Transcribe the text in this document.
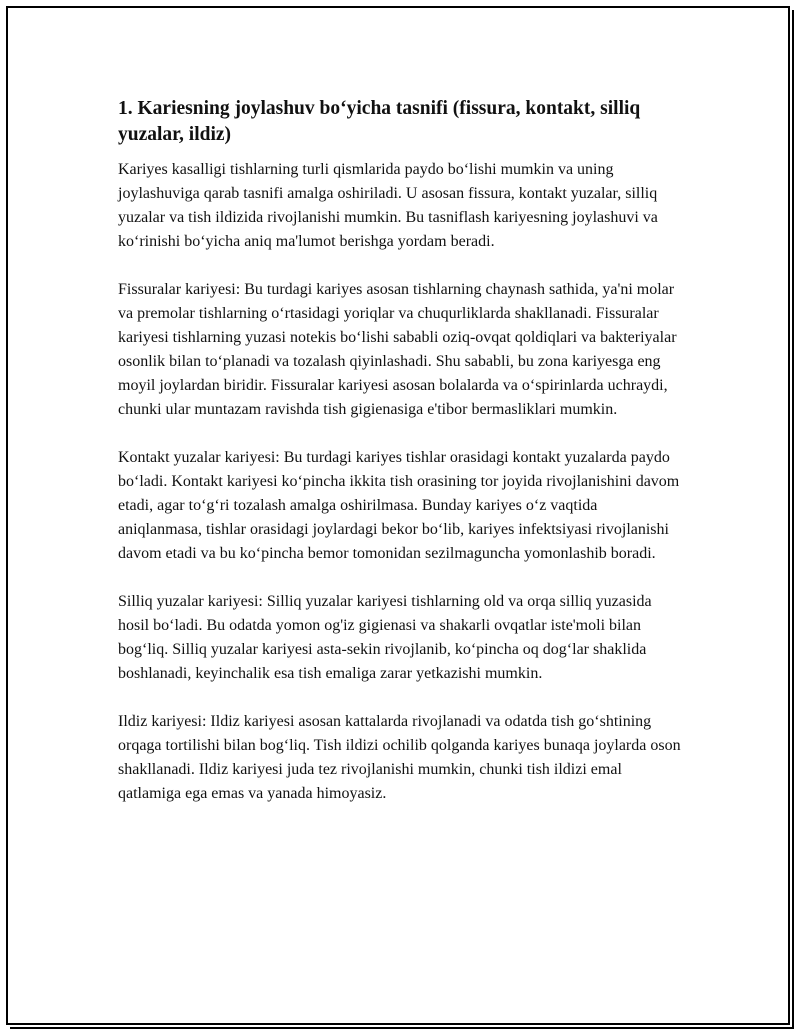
1. Kariesning joylashuv bo‘yicha tasnifi (fissura, kontakt, silliq yuzalar, ildiz)

Kariyes kasalligi tishlarning turli qismlarida paydo bo‘lishi mumkin va uning joylashuviga qarab tasnifi amalga oshiriladi. U asosan fissura, kontakt yuzalar, silliq yuzalar va tish ildizida rivojlanishi mumkin. Bu tasniflash kariyesning joylashuvi va ko‘rinishi bo‘yicha aniq ma'lumot berishga yordam beradi.

Fissuralar kariyesi: Bu turdagi kariyes asosan tishlarning chaynash sathida, ya'ni molar va premolar tishlarning o‘rtasidagi yoriqlar va chuqurliklarda shakllanadi. Fissuralar kariyesi tishlarning yuzasi notekis bo‘lishi sababli oziq-ovqat qoldiqlari va bakteriyalar osonlik bilan to‘planadi va tozalash qiyinlashadi. Shu sababli, bu zona kariyesga eng moyil joylardan biridir. Fissuralar kariyesi asosan bolalarda va o‘spirinlarda uchraydi, chunki ular muntazam ravishda tish gigienasiga e'tibor bermasliklari mumkin.

Kontakt yuzalar kariyesi: Bu turdagi kariyes tishlar orasidagi kontakt yuzalarda paydo bo‘ladi. Kontakt kariyesi ko‘pincha ikkita tish orasining tor joyida rivojlanishini davom etadi, agar to‘g‘ri tozalash amalga oshirilmasa. Bunday kariyes o‘z vaqtida aniqlanmasa, tishlar orasidagi joylardagi bekor bo‘lib, kariyes infektsiyasi rivojlanishi davom etadi va bu ko‘pincha bemor tomonidan sezilmaguncha yomonlashib boradi.

Silliq yuzalar kariyesi: Silliq yuzalar kariyesi tishlarning old va orqa silliq yuzasida hosil bo‘ladi. Bu odatda yomon og'iz gigienasi va shakarli ovqatlar iste'moli bilan bog‘liq. Silliq yuzalar kariyesi asta-sekin rivojlanib, ko‘pincha oq dog‘lar shaklida boshlanadi, keyinchalik esa tish emaliga zarar yetkazishi mumkin.

Ildiz kariyesi: Ildiz kariyesi asosan kattalarda rivojlanadi va odatda tish go‘shtining orqaga tortilishi bilan bog‘liq. Tish ildizi ochilib qolganda kariyes bunaqa joylarda oson shakllanadi. Ildiz kariyesi juda tez rivojlanishi mumkin, chunki tish ildizi emal qatlamiga ega emas va yanada himoyasiz.
